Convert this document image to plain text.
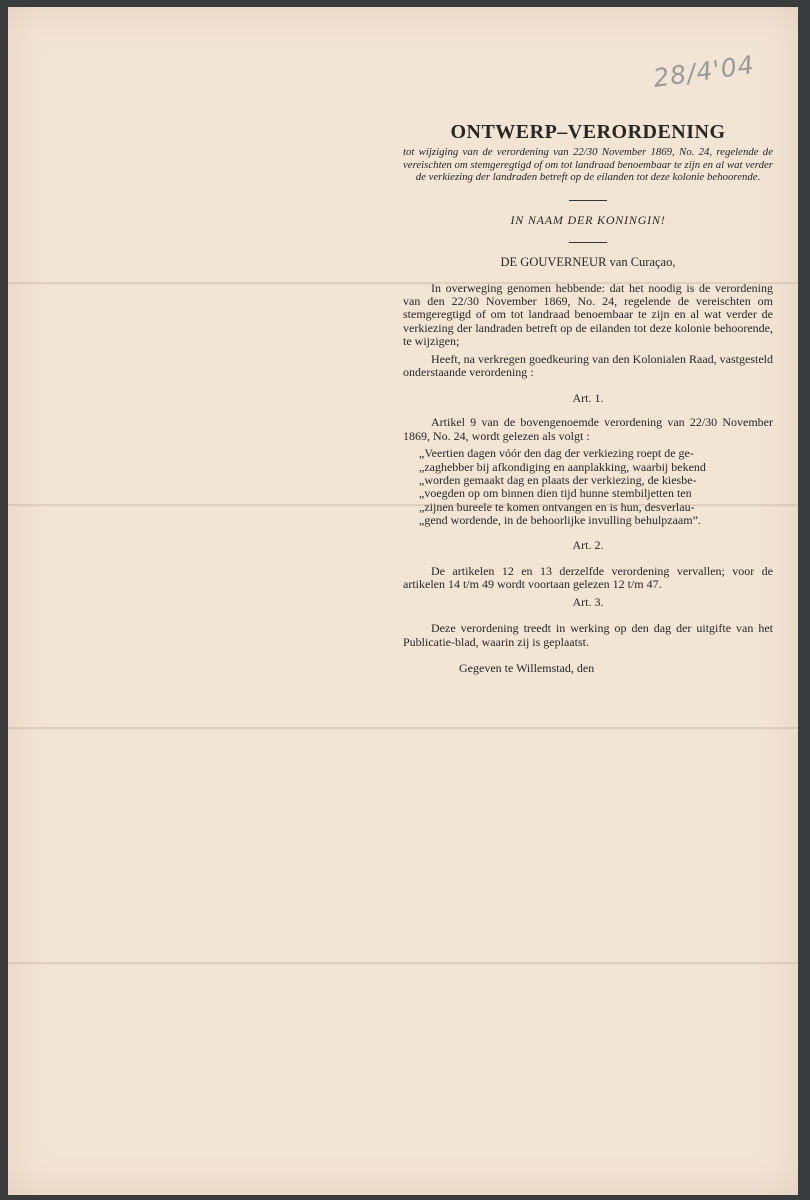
28/4'04
ONTWERP–VERORDENING

tot wijziging van de verordening van 22/30 November 1869, No. 24, regelende de vereischten om stemgeregtigd of om tot landraad benoembaar te zijn en al wat verder de verkiezing der landraden betreft op de eilanden tot deze kolonie behoorende.

IN NAAM DER KONINGIN!

DE GOUVERNEUR van Curaçao,

In overweging genomen hebbende: dat het noodig is de verordening van den 22/30 November 1869, No. 24, regelende de vereischten om stemgeregtigd of om tot landraad benoembaar te zijn en al wat verder de verkiezing der landraden betreft op de eilanden tot deze kolonie behoorende, te wijzigen;

Heeft, na verkregen goedkeuring van den Kolonialen Raad, vastgesteld onderstaande verordening :

Art. 1.

Artikel 9 van de bovengenoemde verordening van 22/30 November 1869, No. 24, wordt gelezen als volgt :

„Veertien dagen vóór den dag der verkiezing roept de ge-
„zaghebber bij afkondiging en aanplakking, waarbij bekend
„worden gemaakt dag en plaats der verkiezing, de kiesbe-
„voegden op om binnen dien tijd hunne stembiljetten ten
„zijnen bureele te komen ontvangen en is hun, desverlau-
„gend wordende, in de behoorlijke invulling behulpzaam”.

Art. 2.

De artikelen 12 en 13 derzelfde verordening vervallen; voor de artikelen 14 t/m 49 wordt voortaan gelezen 12 t/m 47.

Art. 3.

Deze verordening treedt in werking op den dag der uitgifte van het Publicatie-blad, waarin zij is geplaatst.

Gegeven te Willemstad, den
